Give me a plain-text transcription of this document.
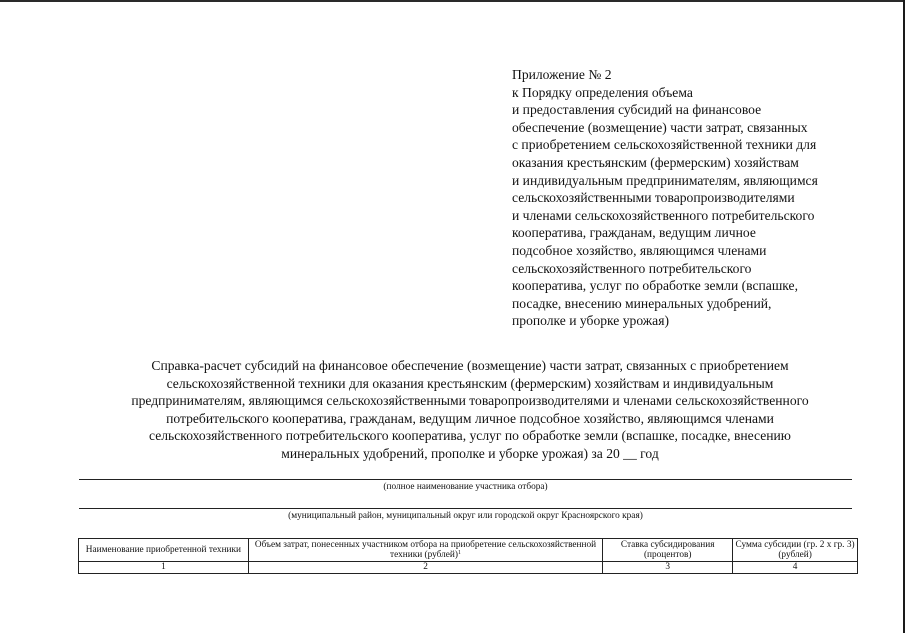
Приложение № 2
к Порядку определения объема
и предоставления субсидий на финансовое
обеспечение (возмещение) части затрат, связанных
с приобретением сельскохозяйственной техники для
оказания крестьянским (фермерским) хозяйствам
и индивидуальным предпринимателям, являющимся
сельскохозяйственными товаропроизводителями
и членами сельскохозяйственного потребительского
кооператива, гражданам, ведущим личное
подсобное хозяйство, являющимся членами
сельскохозяйственного потребительского
кооператива, услуг по обработке земли (вспашке,
посадке, внесению минеральных удобрений,
прополке и уборке урожая)
Справка-расчет субсидий на финансовое обеспечение (возмещение) части затрат, связанных с приобретением
сельскохозяйственной техники для оказания крестьянским (фермерским) хозяйствам и индивидуальным
предпринимателям, являющимся сельскохозяйственными товаропроизводителями и членами сельскохозяйственного
потребительского кооператива, гражданам, ведущим личное подсобное хозяйство, являющимся членами
сельскохозяйственного потребительского кооператива, услуг по обработке земли (вспашке, посадке, внесению
минеральных удобрений, прополке и уборке урожая) за 20 __ год
(полное наименование участника отбора)
(муниципальный район, муниципальный округ или городской округ Красноярского края)
Наименование приобретенной техники	Объем затрат, понесенных участником отбора на приобретение сельскохозяйственной техники (рублей)$^1$	Ставка субсидирования (процентов)	Сумма субсидии (гр. 2 х гр. 3) (рублей)
1	2	3	4
